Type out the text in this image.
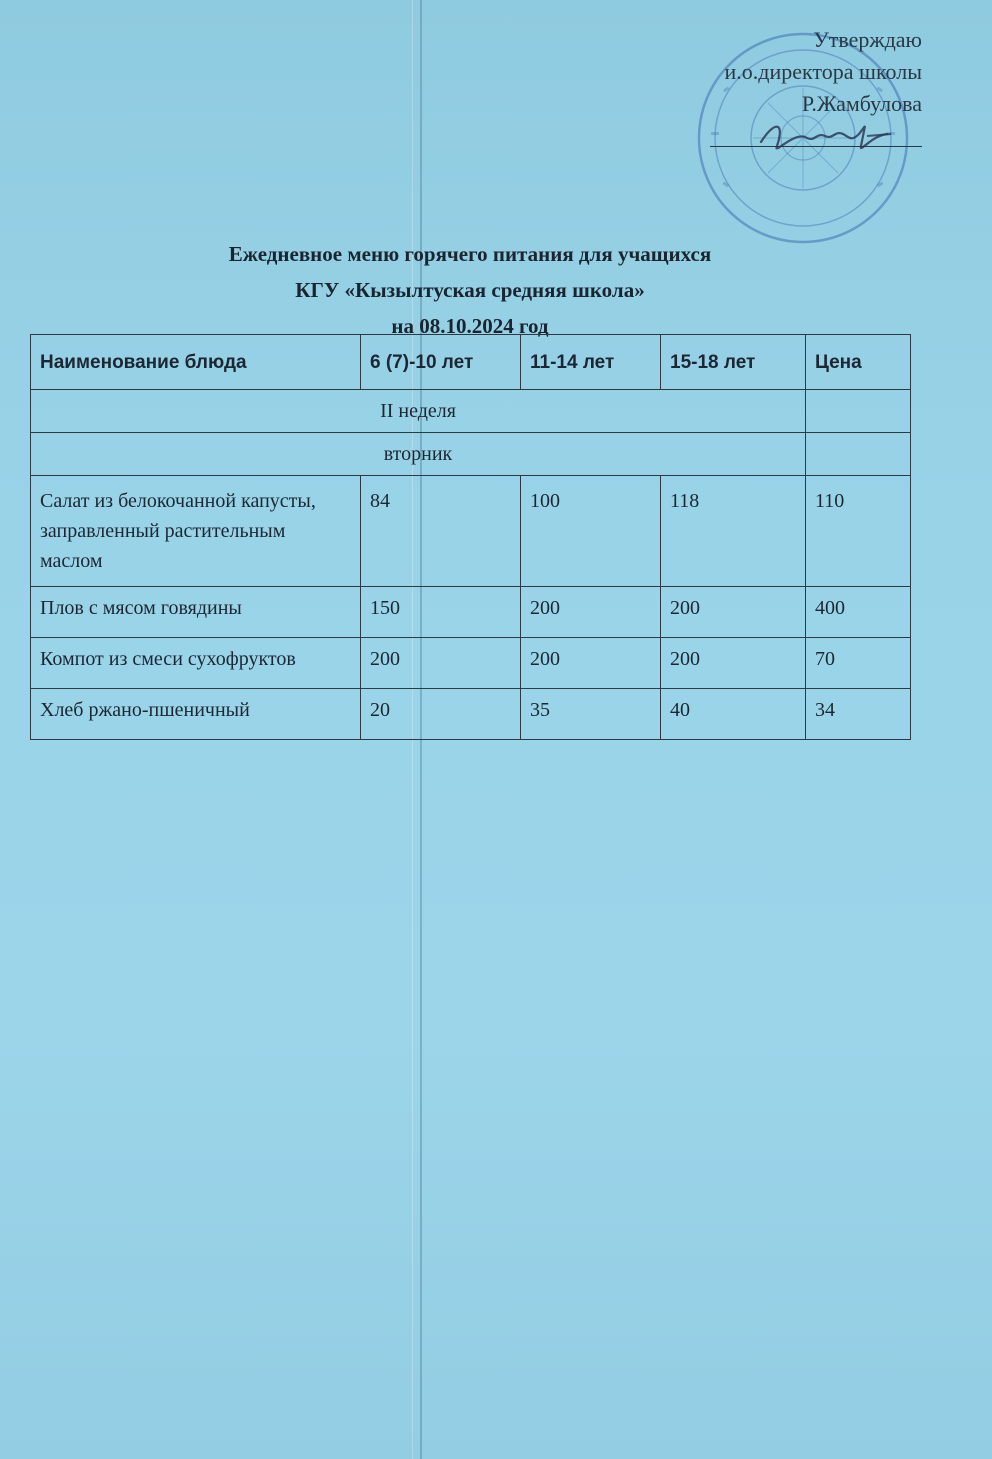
Утверждаю
и.о.директора школы
Р.Жамбулова
Ежедневное меню горячего питания для учащихся
КГУ «Кызылтуская средняя школа»
на 08.10.2024 год
Наименование блюда	6 (7)-10 лет	11-14 лет	15-18 лет	Цена
II неделя				
вторник				
Салат из белокочанной капусты, заправленный растительным маслом	84	100	118	110
Плов с мясом говядины	150	200	200	400
Компот из смеси сухофруктов	200	200	200	70
Хлеб ржано-пшеничный	20	35	40	34
